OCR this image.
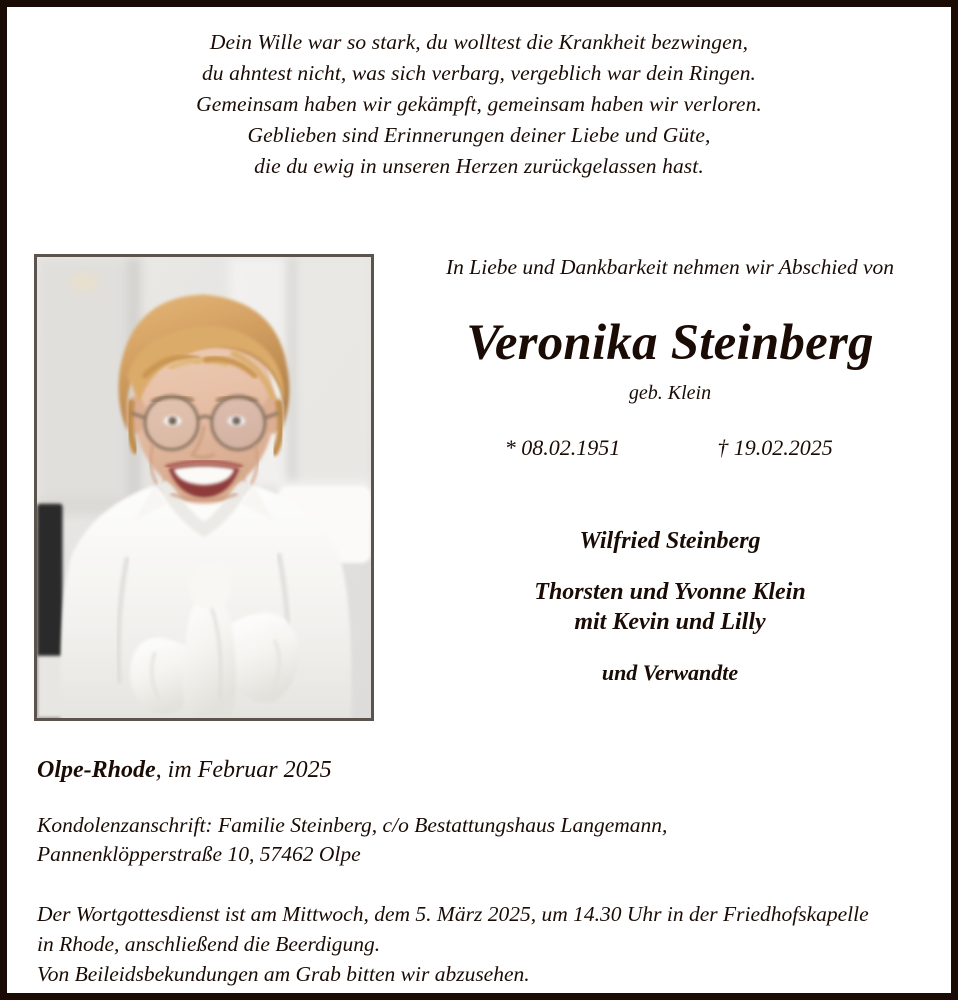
Dein Wille war so stark, du wolltest die Krankheit bezwingen,
du ahntest nicht, was sich verbarg, vergeblich war dein Ringen.
Gemeinsam haben wir gekämpft, gemeinsam haben wir verloren.
Geblieben sind Erinnerungen deiner Liebe und Güte,
die du ewig in unseren Herzen zurückgelassen hast.
In Liebe und Dankbarkeit nehmen wir Abschied von
Veronika Steinberg
geb. Klein
* 08.02.1951	† 19.02.2025
Wilfried Steinberg
Thorsten und Yvonne Klein
mit Kevin und Lilly
und Verwandte
Olpe-Rhode, im Februar 2025
Kondolenzanschrift: Familie Steinberg, c/o Bestattungshaus Langemann,
Pannenklöpperstraße 10, 57462 Olpe
Der Wortgottesdienst ist am Mittwoch, dem 5. März 2025, um 14.30 Uhr in der Friedhofskapelle
in Rhode, anschließend die Beerdigung.
Von Beileidsbekundungen am Grab bitten wir abzusehen.
